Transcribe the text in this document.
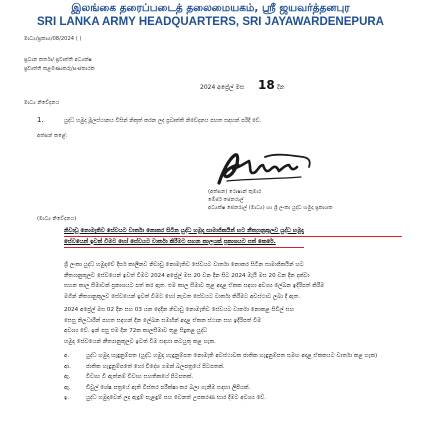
இலங்கை தரைப்படைத் தலைமையகம், ஸ்ரீ ஜயவர்த்தனபுர
SRI LANKA ARMY HEADQUARTERS, SRI JAYAWARDENEPURA
මාධ්‍ය/ප්‍රකාශ/08/2024 ( )
ප්‍රධාන කර්තෘ/ ප්‍රවෘත්ති අධ්‍යක්ෂ
ප්‍රවෘත්ති කළමණාකරු/සංස්කාරක
2024 අප්‍රේල් මස 18 දින
මාධ්‍ය නිවේදනය
1.	යුද්ධ හමුදා මූලස්ථානය විසින් නිකුත් කරන ලද ප්‍රවෘත්ති නිවේදනය පහත සඳහන් පරිදි වේ.
අත්සන් කළේ:
(අත්සන) රොෂාන් කුමාර
මේජර් ජෙනරාල්
අධ්‍යක්ෂ ජෙනරාල් (මාධ්‍ය) හා ශ්‍රී ලංකා යුද්ධ හමුදා ප්‍රකාශක
(මාධ්‍ය නිවේදනය)
නිවාඩු නොමැතිව සේවයට වාර්තා නොකර සිටින යුද්ධ හමුදා සාමාජිකයින් හට නීත්‍යානුකූලව යුද්ධ හමුදා
සේවයෙන් ඉවත් වීමට හෝ සේවයට වාර්තා කිරීමට සහන කාලයක් ප්‍රකාශයට පත් කෙරේ.
ශ්‍රී ලංකා යුද්ධ හමුදාවේ දීර්ඝ කාලීනව නිවාඩු නොමැතිව සේවයට වාර්තා නොකර සිටින සාමාජිකයින් හට
නීත්‍යානුකූලව සේවයෙන් ඉවත් වීමට 2024 අප්‍රේල් මස 20 වන දින සිට 2024 මැයි මස 20 වන දින දක්වා
සහන කාල සීමාවක් ප්‍රකාශයට පත් කර ඇත. එම කාල සීමාව තුළ අදාළ ඒකක සඳහා අවශ්‍ය ලේඛන ඉදිරිපත් කිරීම
මගින් නීත්‍යානුකූලව සේවයෙන් ඉවත් වීමට හෝ නැවත සේවයට වාර්තා කිරීමට අවස්ථාව ලබා දී ඇත.
2024 අප්‍රේල් මස 02 දින සහ 03 යන දෙදින නිවාඩු නොමැතිව සේවයට වාර්තා නොකළ සිවිල් සහ
සෙසු නිලධාරීන් පහත සඳහන් දින ලේඛන සමඟින් අදාළ ඒකක ස්ථාන සහ ඉදිරිපත් වීම
අවශ්‍ය වේ. ඉන් පසු එම දින 72ක කාලසීමාව තුළ සිදුකළ යුද්ධ
හමුදා සේවයෙන් නීත්‍යානුකූලව ඉවත් වීම සඳහා කටයුතු කළ හැක.
අ.	යුද්ධ හමුදා හැඳුනුම්පත (යුද්ධ හමුදා හැඳුනුම්පත නොමැති අවස්ථාවක ජාතික හැඳුනුම්පත සමඟ අදාළ ඒකකයට වාර්තා කළ හැක)
ආ.	ජාතික හැඳුනුම්පතේ හෝ විදේශ ගමන් බලපත්‍රයේ පිටපතක්.
ඇ.	විවාහ වී ඇත්නම් විවාහ සහතිකයේ පිටපතක්.
ඈ.	ඩිවුල් ශේෂ පත්‍රයේ ඇති විස්තර පරීක්ෂා කර බලා ගැනීම සඳහා ලිපියක්.
ඉ.	යුද්ධ හමුදාවෙන් ලද ඇඳුම් පැළඳුම් සහ වෙනත් උපකරණ භාර දීමට අවශ්‍ය වේ.
